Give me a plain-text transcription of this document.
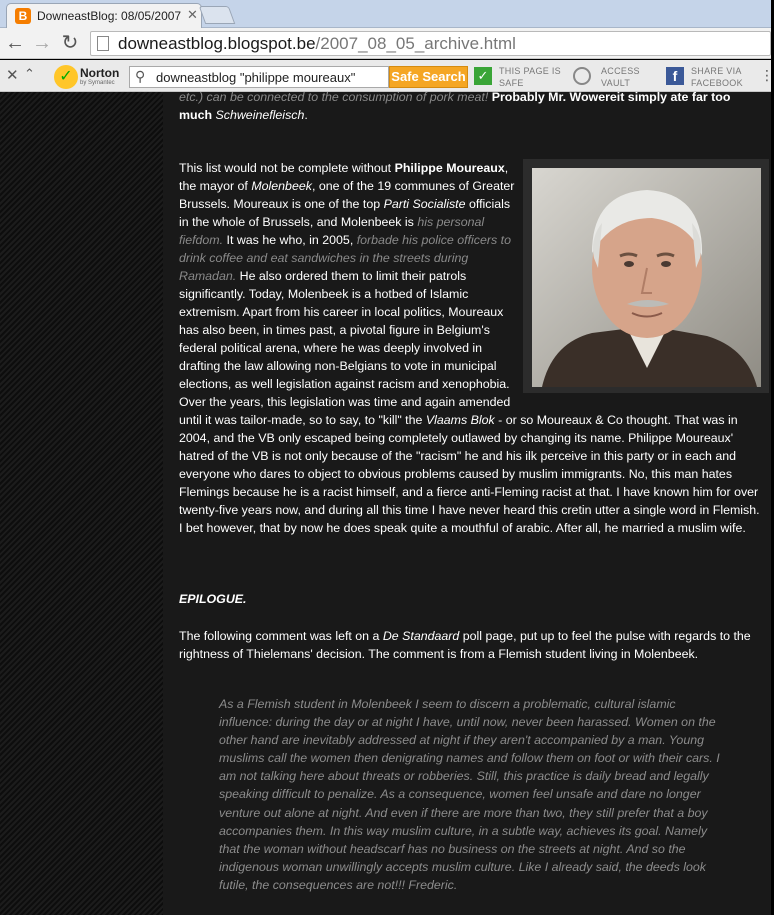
B DowneastBlog: 08/05/2007 ✕
← → ↻ downeastblog.blogspot.be/2007_08_05_archive.html
✕ ⌃	✓ Norton
by Symantec ⚲ downeastblog "philippe moureaux"	Safe Search ✓	THIS PAGE IS
SAFE
ACCESS
VAULT	f	SHARE VIA
FACEBOOK ⋮

etc.) can be connected to the consumption of pork meat! Probably Mr. Wowereit simply ate far too much Schweinefleisch.

This list would not be complete without Philippe Moureaux, the mayor of Molenbeek, one of the 19 communes of Greater Brussels. Moureaux is one of the top Parti Socialiste officials in the whole of Brussels, and Molenbeek is his personal fiefdom. It was he who, in 2005, forbade his police officers to drink coffee and eat sandwiches in the streets during Ramadan. He also ordered them to limit their patrols significantly. Today, Molenbeek is a hotbed of Islamic extremism. Apart from his career in local politics, Moureaux has also been, in times past, a pivotal figure in Belgium's federal political arena, where he was deeply involved in drafting the law allowing non-Belgians to vote in municipal elections, as well legislation against racism and xenophobia. Over the years, this legislation was time and again amended until it was tailor-made, so to say, to "kill" the Vlaams Blok - or so Moureaux & Co thought. That was in 2004, and the VB only escaped being completely outlawed by changing its name. Philippe Moureaux' hatred of the VB is not only because of the "racism" he and his ilk perceive in this party or in each and everyone who dares to object to obvious problems caused by muslim immigrants. No, this man hates Flemings because he is a racist himself, and a fierce anti-Fleming racist at that. I have known him for over twenty-five years now, and during all this time I have never heard this cretin utter a single word in Flemish. I bet however, that by now he does speak quite a mouthful of arabic. After all, he married a muslim wife.
EPILOGUE.

The following comment was left on a De Standaard poll page, put up to feel the pulse with regards to the rightness of Thielemans' decision. The comment is from a Flemish student living in Molenbeek.

As a Flemish student in Molenbeek I seem to discern a problematic, cultural islamic influence: during the day or at night I have, until now, never been harassed. Women on the other hand are inevitably addressed at night if they aren't accompanied by a man. Young muslims call the women then denigrating names and follow them on foot or with their cars. I am not talking here about threats or robberies. Still, this practice is daily bread and legally speaking difficult to penalize. As a consequence, women feel unsafe and dare no longer venture out alone at night. And even if there are more than two, they still prefer that a boy accompanies them. In this way muslim culture, in a subtle way, achieves its goal. Namely that the woman without headscarf has no business on the streets at night. And so the indigenous woman unwillingly accepts muslim culture. Like I already said, the deeds look futile, the consequences are not!!! Frederic.
